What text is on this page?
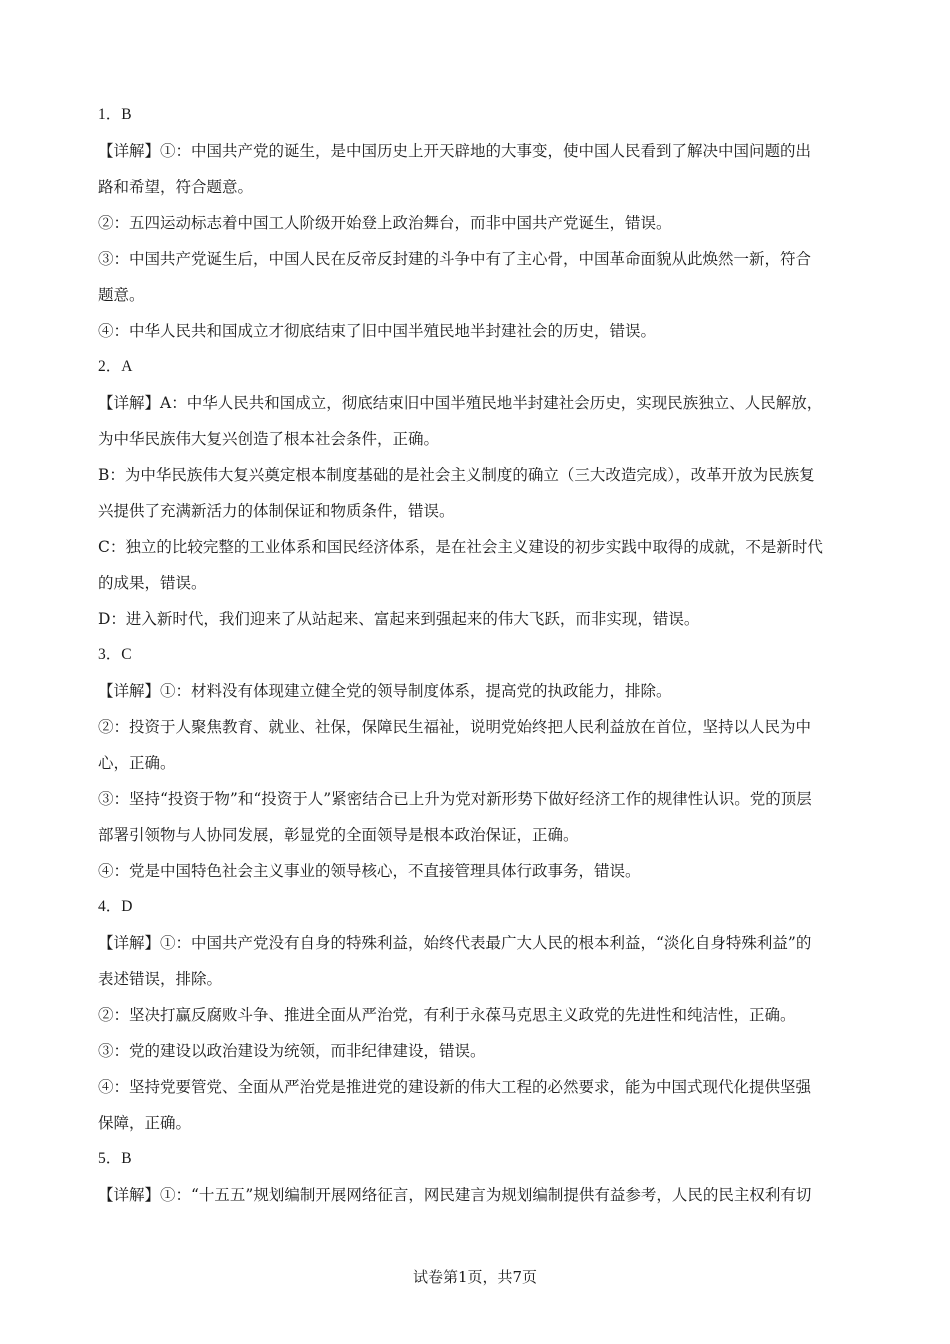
1．B

【详解】①：中国共产党的诞生，是中国历史上开天辟地的大事变，使中国人民看到了解决中国问题的出

路和希望，符合题意。

②：五四运动标志着中国工人阶级开始登上政治舞台，而非中国共产党诞生，错误。

③：中国共产党诞生后，中国人民在反帝反封建的斗争中有了主心骨，中国革命面貌从此焕然一新，符合

题意。

④：中华人民共和国成立才彻底结束了旧中国半殖民地半封建社会的历史，错误。

2．A

【详解】A：中华人民共和国成立，彻底结束旧中国半殖民地半封建社会历史，实现民族独立、人民解放，

为中华民族伟大复兴创造了根本社会条件，正确。

B：为中华民族伟大复兴奠定根本制度基础的是社会主义制度的确立（三大改造完成），改革开放为民族复

兴提供了充满新活力的体制保证和物质条件，错误。

C：独立的比较完整的工业体系和国民经济体系，是在社会主义建设的初步实践中取得的成就，不是新时代

的成果，错误。

D：进入新时代，我们迎来了从站起来、富起来到强起来的伟大飞跃，而非实现，错误。

3．C

【详解】①：材料没有体现建立健全党的领导制度体系，提高党的执政能力，排除。

②：投资于人聚焦教育、就业、社保，保障民生福祉，说明党始终把人民利益放在首位，坚持以人民为中

心，正确。

③：坚持“投资于物”和“投资于人”紧密结合已上升为党对新形势下做好经济工作的规律性认识。党的顶层

部署引领物与人协同发展，彰显党的全面领导是根本政治保证，正确。

④：党是中国特色社会主义事业的领导核心，不直接管理具体行政事务，错误。

4．D

【详解】①：中国共产党没有自身的特殊利益，始终代表最广大人民的根本利益，“淡化自身特殊利益”的

表述错误，排除。

②：坚决打赢反腐败斗争、推进全面从严治党，有利于永葆马克思主义政党的先进性和纯洁性，正确。

③：党的建设以政治建设为统领，而非纪律建设，错误。

④：坚持党要管党、全面从严治党是推进党的建设新的伟大工程的必然要求，能为中国式现代化提供坚强

保障，正确。

5．B

【详解】①：“十五五”规划编制开展网络征言，网民建言为规划编制提供有益参考，人民的民主权利有切

试卷第1页，共7页
